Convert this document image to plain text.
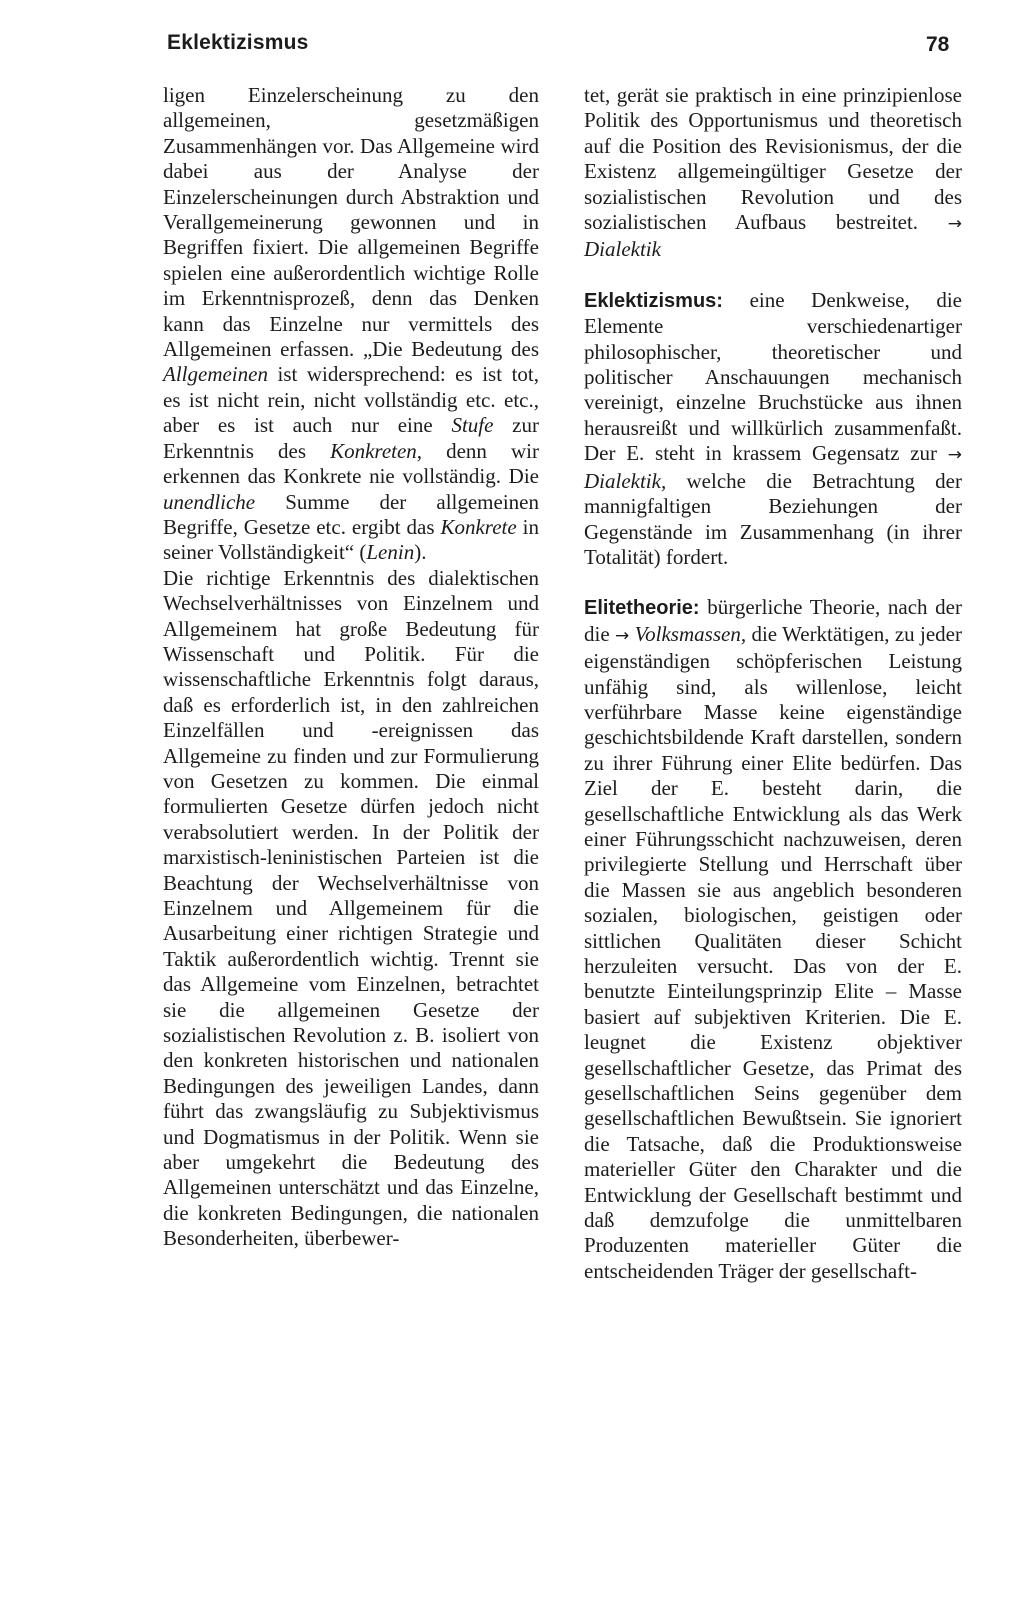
Eklektizismus	78

ligen Einzelerscheinung zu den allgemeinen, gesetzmäßigen Zusammenhängen vor. Das Allgemeine wird dabei aus der Analyse der Einzelerscheinungen durch Abstraktion und Verallgemeinerung gewonnen und in Begriffen fixiert. Die allgemeinen Begriffe spielen eine außerordentlich wichtige Rolle im Erkenntnisprozeß, denn das Denken kann das Einzelne nur vermittels des Allgemeinen erfassen. „Die Bedeutung des Allgemeinen ist widersprechend: es ist tot, es ist nicht rein, nicht vollständig etc. etc., aber es ist auch nur eine Stufe zur Erkenntnis des Konkreten, denn wir erkennen das Konkrete nie vollständig. Die unendliche Summe der allgemeinen Begriffe, Gesetze etc. ergibt das Konkrete in seiner Vollständigkeit“ (Lenin).

Die richtige Erkenntnis des dialektischen Wechselverhältnisses von Einzelnem und Allgemeinem hat große Bedeutung für Wissenschaft und Politik. Für die wissenschaftliche Erkenntnis folgt daraus, daß es erforderlich ist, in den zahlreichen Einzelfällen und -ereignissen das Allgemeine zu finden und zur Formulierung von Gesetzen zu kommen. Die einmal formulierten Gesetze dürfen jedoch nicht verabsolutiert werden. In der Politik der marxistisch-leninistischen Parteien ist die Beachtung der Wechselverhältnisse von Einzelnem und Allgemeinem für die Ausarbeitung einer richtigen Strategie und Taktik außerordentlich wichtig. Trennt sie das Allgemeine vom Einzelnen, betrachtet sie die allgemeinen Gesetze der sozialistischen Revolution z. B. isoliert von den konkreten historischen und nationalen Bedingungen des jeweiligen Landes, dann führt das zwangsläufig zu Subjektivismus und Dogmatismus in der Politik. Wenn sie aber umgekehrt die Bedeutung des Allgemeinen unterschätzt und das Einzelne, die konkreten Bedingungen, die nationalen Besonderheiten, überbewer-

tet, gerät sie praktisch in eine prinzipienlose Politik des Opportunismus und theoretisch auf die Position des Revisionismus, der die Existenz allgemeingültiger Gesetze der sozialistischen Revolution und des sozialistischen Aufbaus bestreitet. → Dialektik

Eklektizismus: eine Denkweise, die Elemente verschiedenartiger philosophischer, theoretischer und politischer Anschauungen mechanisch vereinigt, einzelne Bruchstücke aus ihnen herausreißt und willkürlich zusammenfaßt. Der E. steht in krassem Gegensatz zur → Dialektik, welche die Betrachtung der mannigfaltigen Beziehungen der Gegenstände im Zusammenhang (in ihrer Totalität) fordert.

Elitetheorie: bürgerliche Theorie, nach der die → Volksmassen, die Werktätigen, zu jeder eigenständigen schöpferischen Leistung unfähig sind, als willenlose, leicht verführbare Masse keine eigenständige geschichtsbildende Kraft darstellen, sondern zu ihrer Führung einer Elite bedürfen. Das Ziel der E. besteht darin, die gesellschaftliche Entwicklung als das Werk einer Führungsschicht nachzuweisen, deren privilegierte Stellung und Herrschaft über die Massen sie aus angeblich besonderen sozialen, biologischen, geistigen oder sittlichen Qualitäten dieser Schicht herzuleiten versucht. Das von der E. benutzte Einteilungsprinzip Elite – Masse basiert auf subjektiven Kriterien. Die E. leugnet die Existenz objektiver gesellschaftlicher Gesetze, das Primat des gesellschaftlichen Seins gegenüber dem gesellschaftlichen Bewußtsein. Sie ignoriert die Tatsache, daß die Produktionsweise materieller Güter den Charakter und die Entwicklung der Gesellschaft bestimmt und daß demzufolge die unmittelbaren Produzenten materieller Güter die entscheidenden Träger der gesellschaft-
